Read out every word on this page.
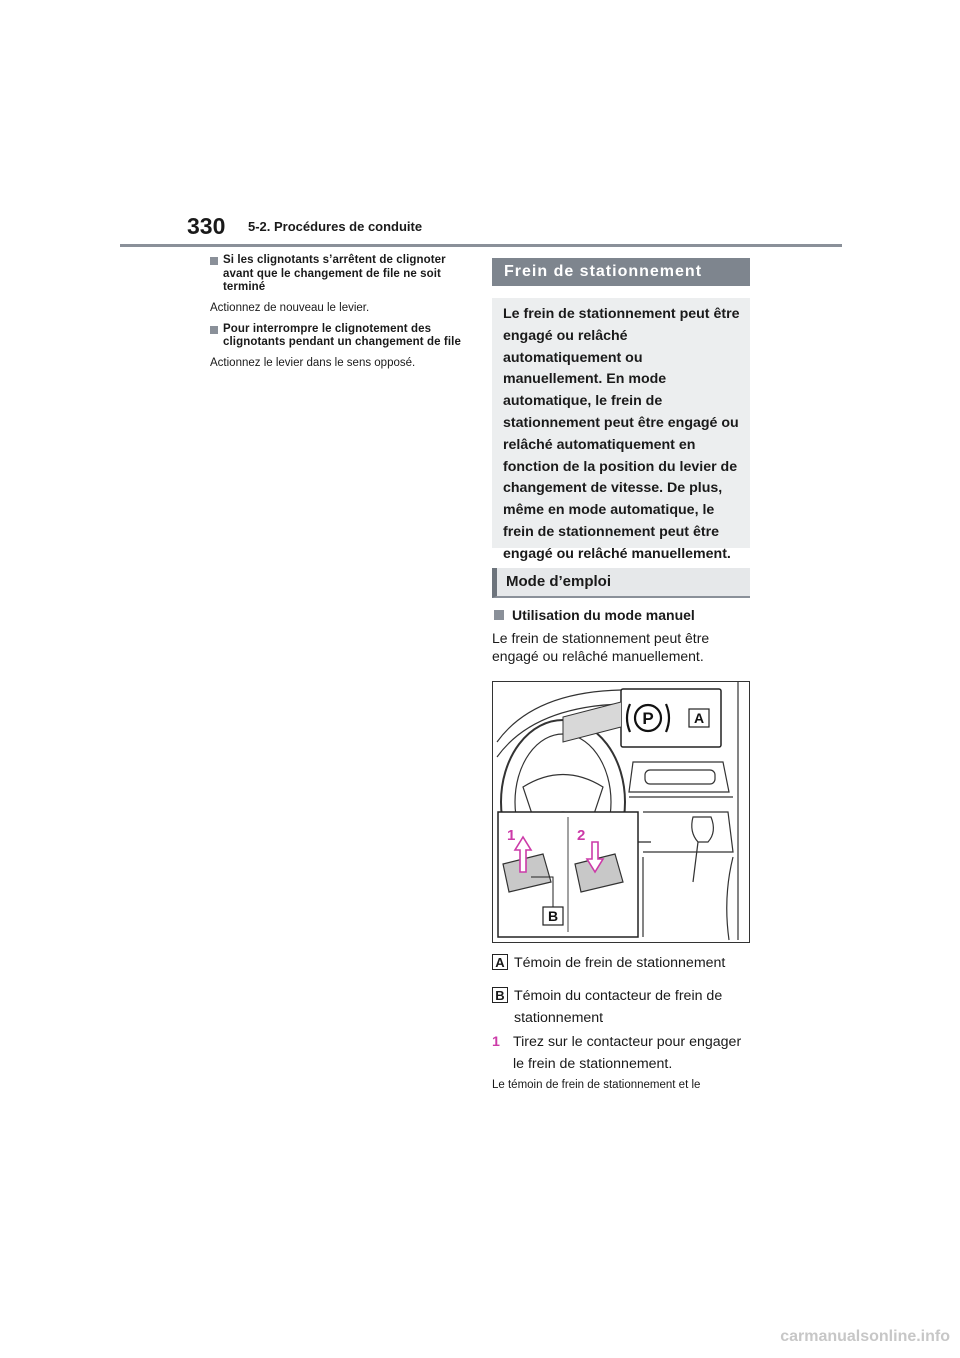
330 5-2. Procédures de conduite
Si les clignotants s’arrêtent de clignoter avant que le changement de file ne soit terminé
Actionnez de nouveau le levier.
Pour interrompre le clignotement des clignotants pendant un changement de file
Actionnez le levier dans le sens opposé.
Frein de stationnement
Le frein de stationnement peut être engagé ou relâché automatiquement ou manuellement. En mode automatique, le frein de stationnement peut être engagé ou relâché automatiquement en fonction de la position du levier de changement de vitesse. De plus, même en mode automatique, le frein de stationnement peut être engagé ou relâché manuellement.
Mode d’emploi
Utilisation du mode manuel
Le frein de stationnement peut être engagé ou relâché manuellement.
P	A
1	2
B
A Témoin de frein de stationnement
B Témoin du contacteur de frein de stationnement
1 Tirez sur le contacteur pour engager le frein de stationnement.
Le témoin de frein de stationnement et le
carmanualsonline.info
